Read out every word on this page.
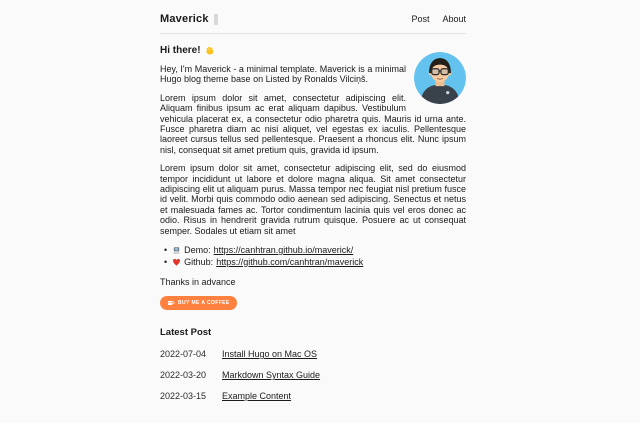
Maverick	Post About
Hi there!

Hey, I'm Maverick - a minimal template. Maverick is a minimal Hugo blog theme base on Listed by Ronalds Vilciņš.

Lorem ipsum dolor sit amet, consectetur adipiscing elit. Aliquam finibus ipsum ac erat aliquam dapibus. Vestibulum vehicula placerat ex, a consectetur odio pharetra quis. Mauris id urna ante. Fusce pharetra diam ac nisi aliquet, vel egestas ex iaculis. Pellentesque laoreet cursus tellus sed pellentesque. Praesent a rhoncus elit. Nunc ipsum nisl, consequat sit amet pretium quis, gravida id ipsum.

Lorem ipsum dolor sit amet, consectetur adipiscing elit, sed do eiusmod tempor incididunt ut labore et dolore magna aliqua. Sit amet consectetur adipiscing elit ut aliquam purus. Massa tempor nec feugiat nisl pretium fusce id velit. Morbi quis commodo odio aenean sed adipiscing. Senectus et netus et malesuada fames ac. Tortor condimentum lacinia quis vel eros donec ac odio. Risus in hendrerit gravida rutrum quisque. Posuere ac ut consequat semper. Sodales ut etiam sit amet

• Demo: https://canhtran.github.io/maverick/
• Github: https://github.com/canhtran/maverick

Thanks in advance

BUY ME A COFFEE
Latest Post
2022-07-04	Install Hugo on Mac OS
2022-03-20	Markdown Syntax Guide
2022-03-15	Example Content
